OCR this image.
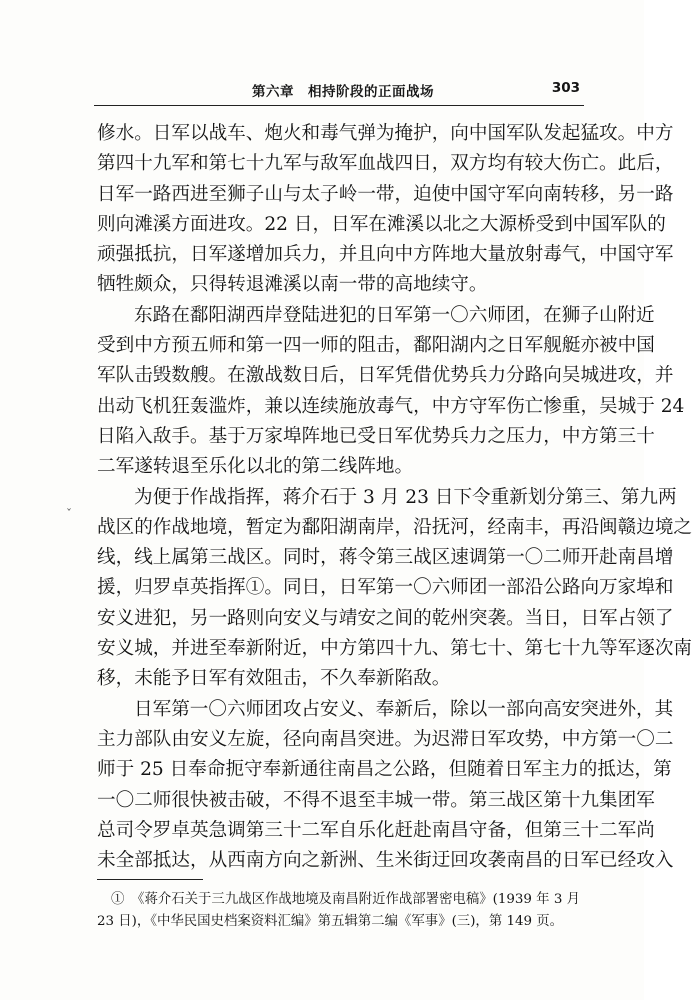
第六章　相持阶段的正面战场	303
ˇ
修水。日军以战车、炮火和毒气弹为掩护，向中国军队发起猛攻。中方
第四十九军和第七十九军与敌军血战四日，双方均有较大伤亡。此后，
日军一路西进至狮子山与太子岭一带，迫使中国守军向南转移，另一路
则向滩溪方面进攻。22 日，日军在滩溪以北之大源桥受到中国军队的
顽强抵抗，日军遂增加兵力，并且向中方阵地大量放射毒气，中国守军
牺牲颇众，只得转退滩溪以南一带的高地续守。
东路在鄱阳湖西岸登陆进犯的日军第一〇六师团，在狮子山附近
受到中方预五师和第一四一师的阻击，鄱阳湖内之日军舰艇亦被中国
军队击毁数艘。在激战数日后，日军凭借优势兵力分路向吴城进攻，并
出动飞机狂轰滥炸，兼以连续施放毒气，中方守军伤亡惨重，吴城于 24
日陷入敌手。基于万家埠阵地已受日军优势兵力之压力，中方第三十
二军遂转退至乐化以北的第二线阵地。
为便于作战指挥，蒋介石于 3 月 23 日下令重新划分第三、第九两
战区的作战地境，暂定为鄱阳湖南岸，沿抚河，经南丰，再沿闽赣边境之
线，线上属第三战区。同时，蒋令第三战区速调第一〇二师开赴南昌增
援，归罗卓英指挥①。同日，日军第一〇六师团一部沿公路向万家埠和
安义进犯，另一路则向安义与靖安之间的乾州突袭。当日，日军占领了
安义城，并进至奉新附近，中方第四十九、第七十、第七十九等军逐次南
移，未能予日军有效阻击，不久奉新陷敌。
日军第一〇六师团攻占安义、奉新后，除以一部向高安突进外，其
主力部队由安义左旋，径向南昌突进。为迟滞日军攻势，中方第一〇二
师于 25 日奉命扼守奉新通往南昌之公路，但随着日军主力的抵达，第
一〇二师很快被击破，不得不退至丰城一带。第三战区第十九集团军
总司令罗卓英急调第三十二军自乐化赶赴南昌守备，但第三十二军尚
未全部抵达，从西南方向之新洲、生米街迂回攻袭南昌的日军已经攻入
①　《蒋介石关于三九战区作战地境及南昌附近作战部署密电稿》(1939 年 3 月
23 日)，《中华民国史档案资料汇编》第五辑第二编《军事》(三)，第 149 页。
